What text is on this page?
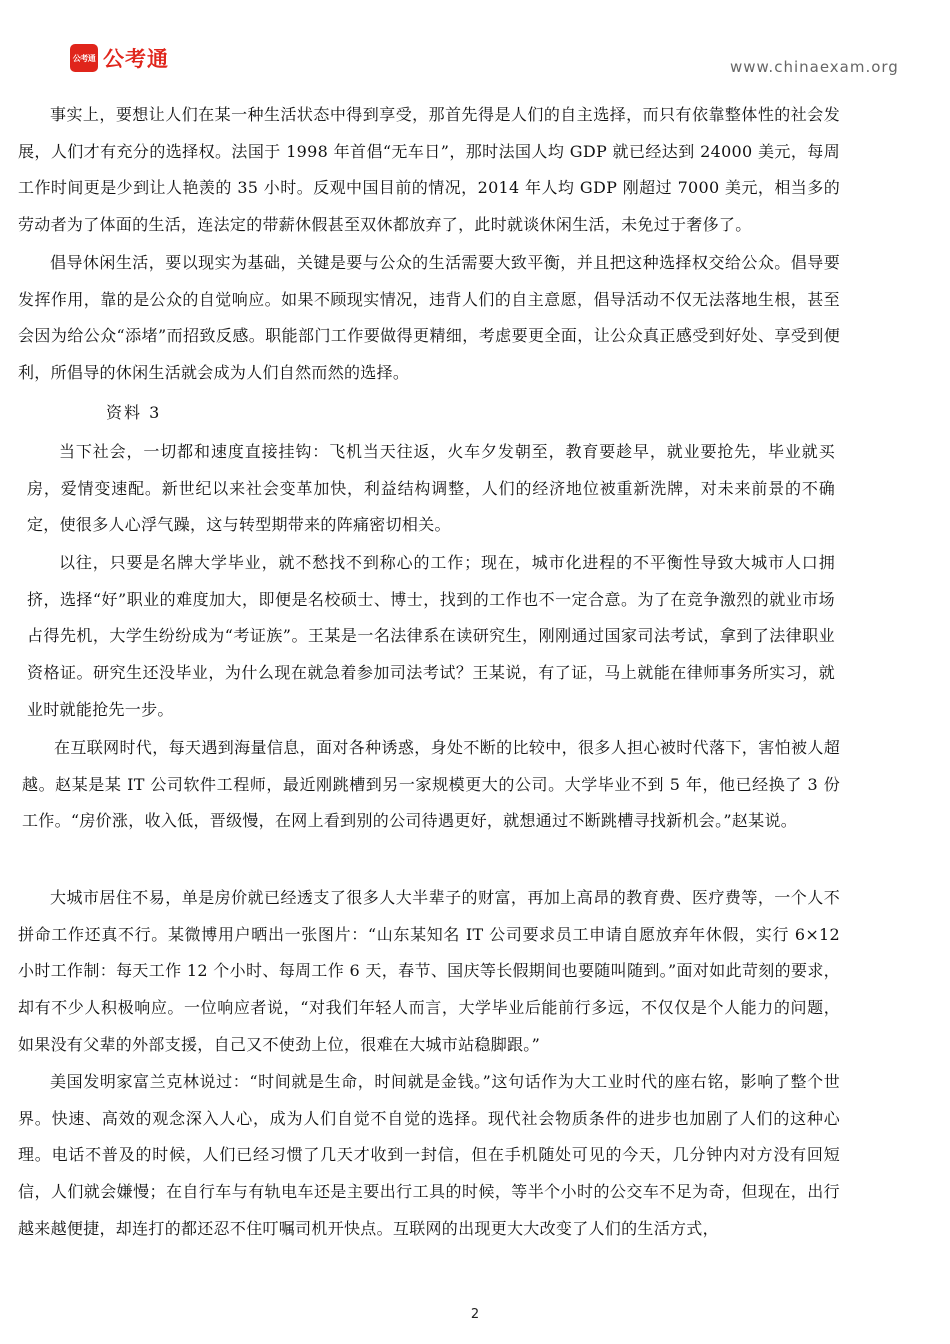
公考通 公考通	www.chinaexam.org

事实上，要想让人们在某一种生活状态中得到享受，那首先得是人们的自主选择，而只有依靠整体性的社会发展，人们才有充分的选择权。法国于 1998 年首倡“无车日”，那时法国人均 GDP 就已经达到 24000 美元，每周工作时间更是少到让人艳羡的 35 小时。反观中国目前的情况，2014 年人均 GDP 刚超过 7000 美元，相当多的劳动者为了体面的生活，连法定的带薪休假甚至双休都放弃了，此时就谈休闲生活，未免过于奢侈了。

倡导休闲生活，要以现实为基础，关键是要与公众的生活需要大致平衡，并且把这种选择权交给公众。倡导要发挥作用，靠的是公众的自觉响应。如果不顾现实情况，违背人们的自主意愿，倡导活动不仅无法落地生根，甚至会因为给公众“添堵”而招致反感。职能部门工作要做得更精细，考虑要更全面，让公众真正感受到好处、享受到便利，所倡导的休闲生活就会成为人们自然而然的选择。

资料 3

当下社会，一切都和速度直接挂钩：飞机当天往返，火车夕发朝至，教育要趁早，就业要抢先，毕业就买房，爱情变速配。新世纪以来社会变革加快，利益结构调整，人们的经济地位被重新洗牌，对未来前景的不确定，使很多人心浮气躁，这与转型期带来的阵痛密切相关。

以往，只要是名牌大学毕业，就不愁找不到称心的工作；现在，城市化进程的不平衡性导致大城市人口拥挤，选择“好”职业的难度加大，即便是名校硕士、博士，找到的工作也不一定合意。为了在竞争激烈的就业市场占得先机，大学生纷纷成为“考证族”。王某是一名法律系在读研究生，刚刚通过国家司法考试，拿到了法律职业资格证。研究生还没毕业，为什么现在就急着参加司法考试？王某说，有了证，马上就能在律师事务所实习，就业时就能抢先一步。

在互联网时代，每天遇到海量信息，面对各种诱惑，身处不断的比较中，很多人担心被时代落下，害怕被人超越。赵某是某 IT 公司软件工程师，最近刚跳槽到另一家规模更大的公司。大学毕业不到 5 年，他已经换了 3 份工作。“房价涨，收入低，晋级慢，在网上看到别的公司待遇更好，就想通过不断跳槽寻找新机会。”赵某说。

大城市居住不易，单是房价就已经透支了很多人大半辈子的财富，再加上高昂的教育费、医疗费等，一个人不拼命工作还真不行。某微博用户晒出一张图片：“山东某知名 IT 公司要求员工申请自愿放弃年休假，实行 6×12 小时工作制：每天工作 12 个小时、每周工作 6 天，春节、国庆等长假期间也要随叫随到。”面对如此苛刻的要求，却有不少人积极响应。一位响应者说，“对我们年轻人而言，大学毕业后能前行多远，不仅仅是个人能力的问题，如果没有父辈的外部支援，自己又不使劲上位，很难在大城市站稳脚跟。”

美国发明家富兰克林说过：“时间就是生命，时间就是金钱。”这句话作为大工业时代的座右铭，影响了整个世界。快速、高效的观念深入人心，成为人们自觉不自觉的选择。现代社会物质条件的进步也加剧了人们的这种心理。电话不普及的时候，人们已经习惯了几天才收到一封信，但在手机随处可见的今天，几分钟内对方没有回短信，人们就会嫌慢；在自行车与有轨电车还是主要出行工具的时候，等半个小时的公交车不足为奇，但现在，出行越来越便捷，却连打的都还忍不住叮嘱司机开快点。互联网的出现更大大改变了人们的生活方式，

2
